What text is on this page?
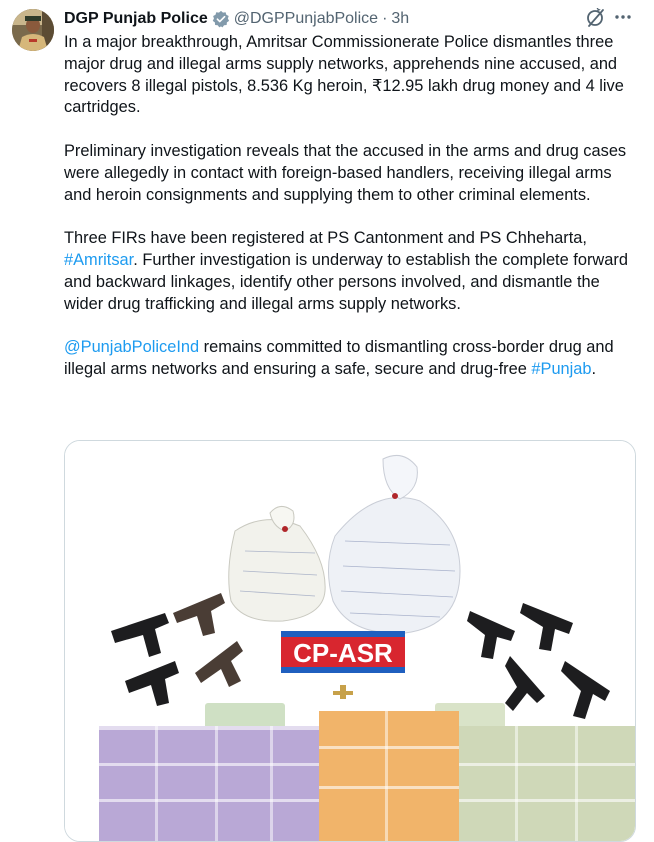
DGP Punjab Police @DGPPunjabPolice · 3h

In a major breakthrough, Amritsar Commissionerate Police dismantles three major drug and illegal arms supply networks, apprehends nine accused, and recovers 8 illegal pistols, 8.536 Kg heroin, ₹12.95 lakh drug money and 4 live cartridges.

Preliminary investigation reveals that the accused in the arms and drug cases were allegedly in contact with foreign-based handlers, receiving illegal arms and heroin consignments and supplying them to other criminal elements.

Three FIRs have been registered at PS Cantonment and PS Chheharta, #Amritsar. Further investigation is underway to establish the complete forward and backward linkages, identify other persons involved, and dismantle the wider drug trafficking and illegal arms supply networks.

@PunjabPoliceInd remains committed to dismantling cross-border drug and illegal arms networks and ensuring a safe, secure and drug-free #Punjab.

CP-ASR
